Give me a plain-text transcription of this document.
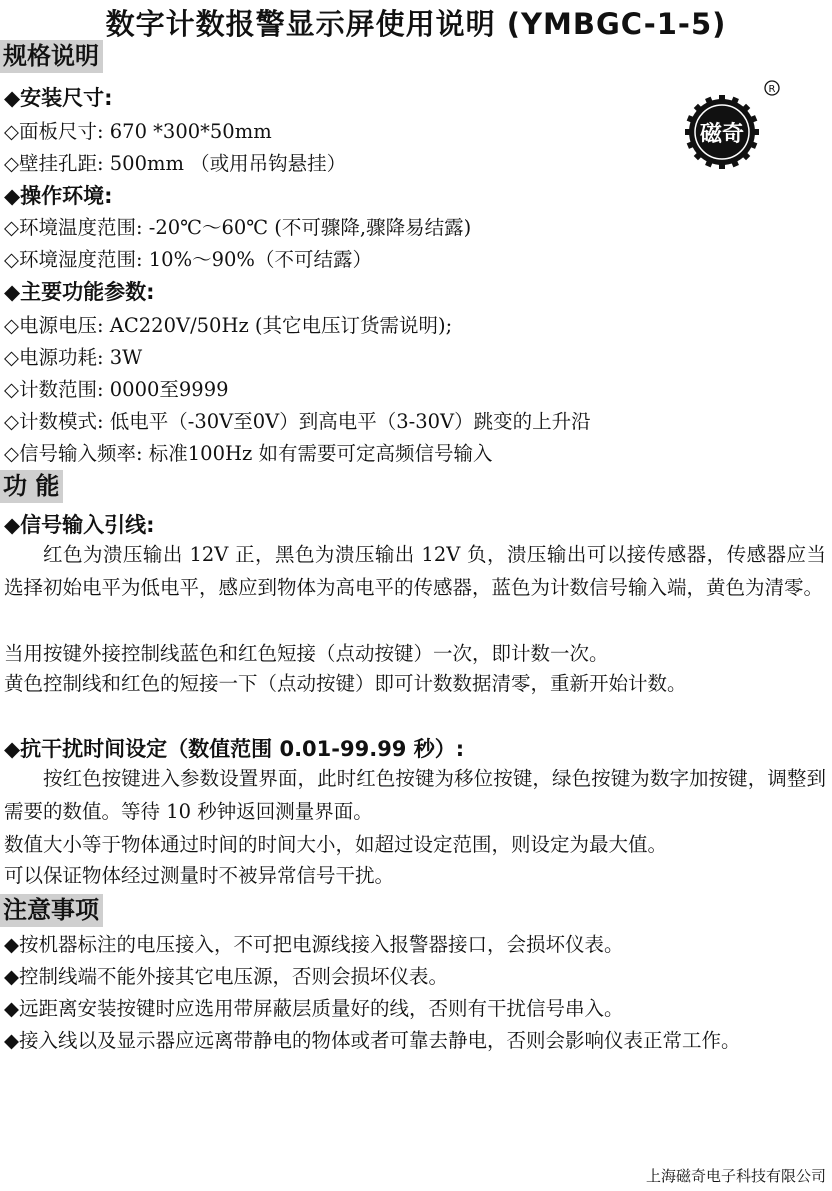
数字计数报警显示屏使用说明 (YMBGC-1-5)
磁奇
R
规格说明
◆安装尺寸:
◇面板尺寸: 670 *300*50mm
◇壁挂孔距: 500mm （或用吊钩悬挂）
◆操作环境:
◇环境温度范围: -20℃～60℃ (不可骤降,骤降易结露)
◇环境湿度范围: 10%～90%（不可结露）
◆主要功能参数:
◇电源电压: AC220V/50Hz (其它电压订货需说明);
◇电源功耗: 3W
◇计数范围: 0000至9999
◇计数模式: 低电平（-30V至0V）到高电平（3-30V）跳变的上升沿
◇信号输入频率: 标准100Hz 如有需要可定高频信号输入
功 能
◆信号输入引线:
红色为溃压输出 12V 正，黑色为溃压输出 12V 负，溃压输出可以接传感器，传感器应当选择初始电平为低电平，感应到物体为高电平的传感器，蓝色为计数信号输入端，黄色为清零。
当用按键外接控制线蓝色和红色短接（点动按键）一次，即计数一次。
黄色控制线和红色的短接一下（点动按键）即可计数数据清零，重新开始计数。
◆抗干扰时间设定（数值范围 0.01-99.99 秒）:
按红色按键进入参数设置界面，此时红色按键为移位按键，绿色按键为数字加按键，调整到需要的数值。等待 10 秒钟返回测量界面。
数值大小等于物体通过时间的时间大小，如超过设定范围，则设定为最大值。
可以保证物体经过测量时不被异常信号干扰。
注意事项
◆按机器标注的电压接入，不可把电源线接入报警器接口，会损坏仪表。
◆控制线端不能外接其它电压源，否则会损坏仪表。
◆远距离安装按键时应选用带屏蔽层质量好的线，否则有干扰信号串入。
◆接入线以及显示器应远离带静电的物体或者可靠去静电，否则会影响仪表正常工作。
上海磁奇电子科技有限公司
